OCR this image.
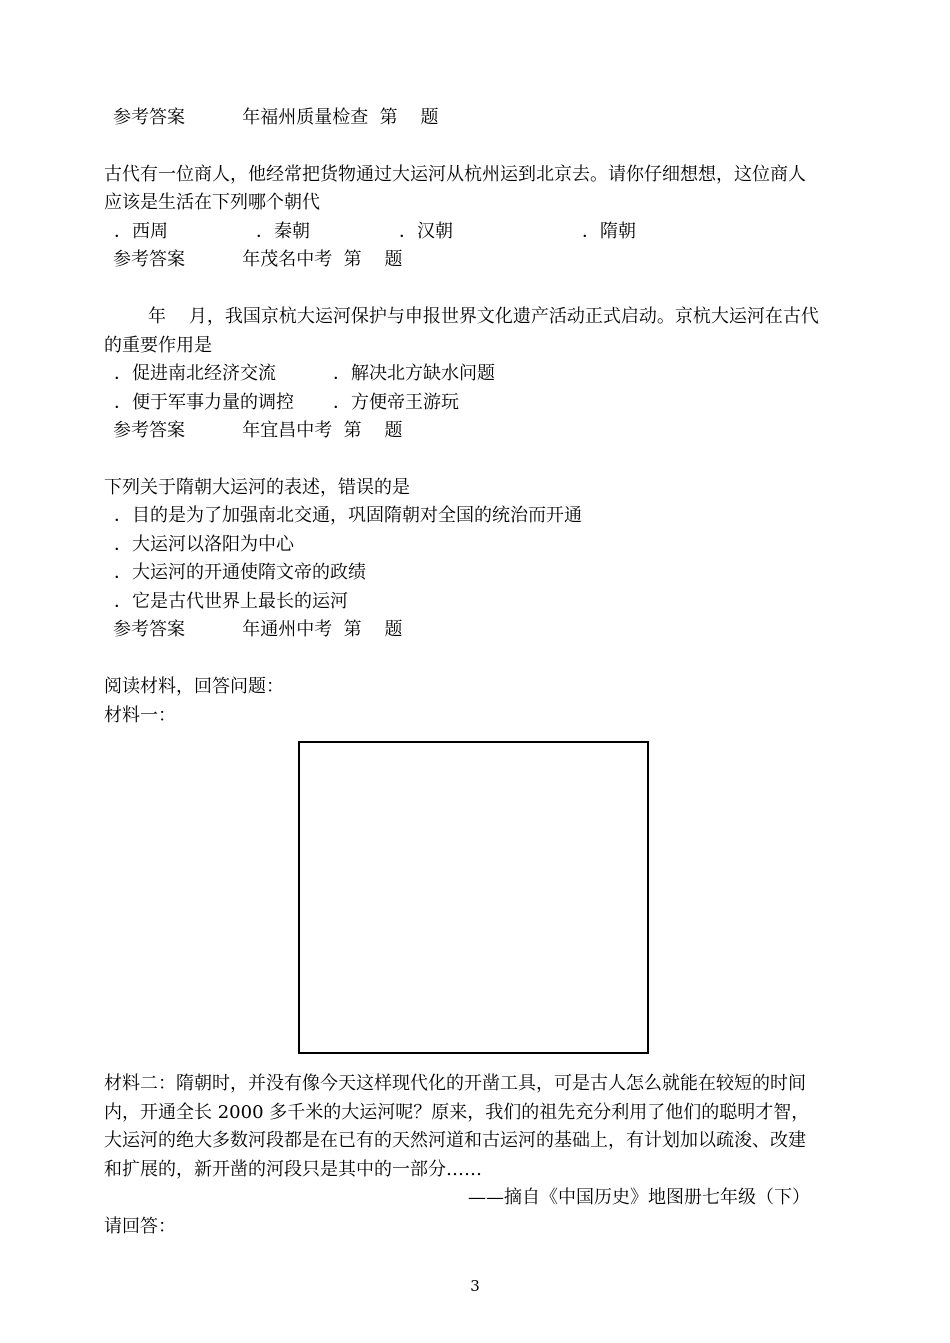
参考答案          年福州质量检查  第    题
古代有一位商人，他经常把货物通过大运河从杭州运到北京去。请你仔细想想，这位商人
应该是生活在下列哪个朝代
．西周	．秦朝	．汉朝	．隋朝
参考答案          年茂名中考  第    题
年    月，我国京杭大运河保护与申报世界文化遗产活动正式启动。京杭大运河在古代
的重要作用是
．促进南北经济交流	．解决北方缺水问题
．便于军事力量的调控 ．方便帝王游玩
参考答案          年宜昌中考  第    题
下列关于隋朝大运河的表述，错误的是
．目的是为了加强南北交通，巩固隋朝对全国的统治而开通
．大运河以洛阳为中心
．大运河的开通使隋文帝的政绩
．它是古代世界上最长的运河
参考答案          年通州中考  第    题
阅读材料，回答问题：
材料一：
材料二：隋朝时，并没有像今天这样现代化的开凿工具，可是古人怎么就能在较短的时间
内，开通全长 2000 多千米的大运河呢？原来，我们的祖先充分利用了他们的聪明才智，
大运河的绝大多数河段都是在已有的天然河道和古运河的基础上，有计划加以疏浚、改建
和扩展的，新开凿的河段只是其中的一部分……
——摘自《中国历史》地图册七年级（下）
请回答：
3
